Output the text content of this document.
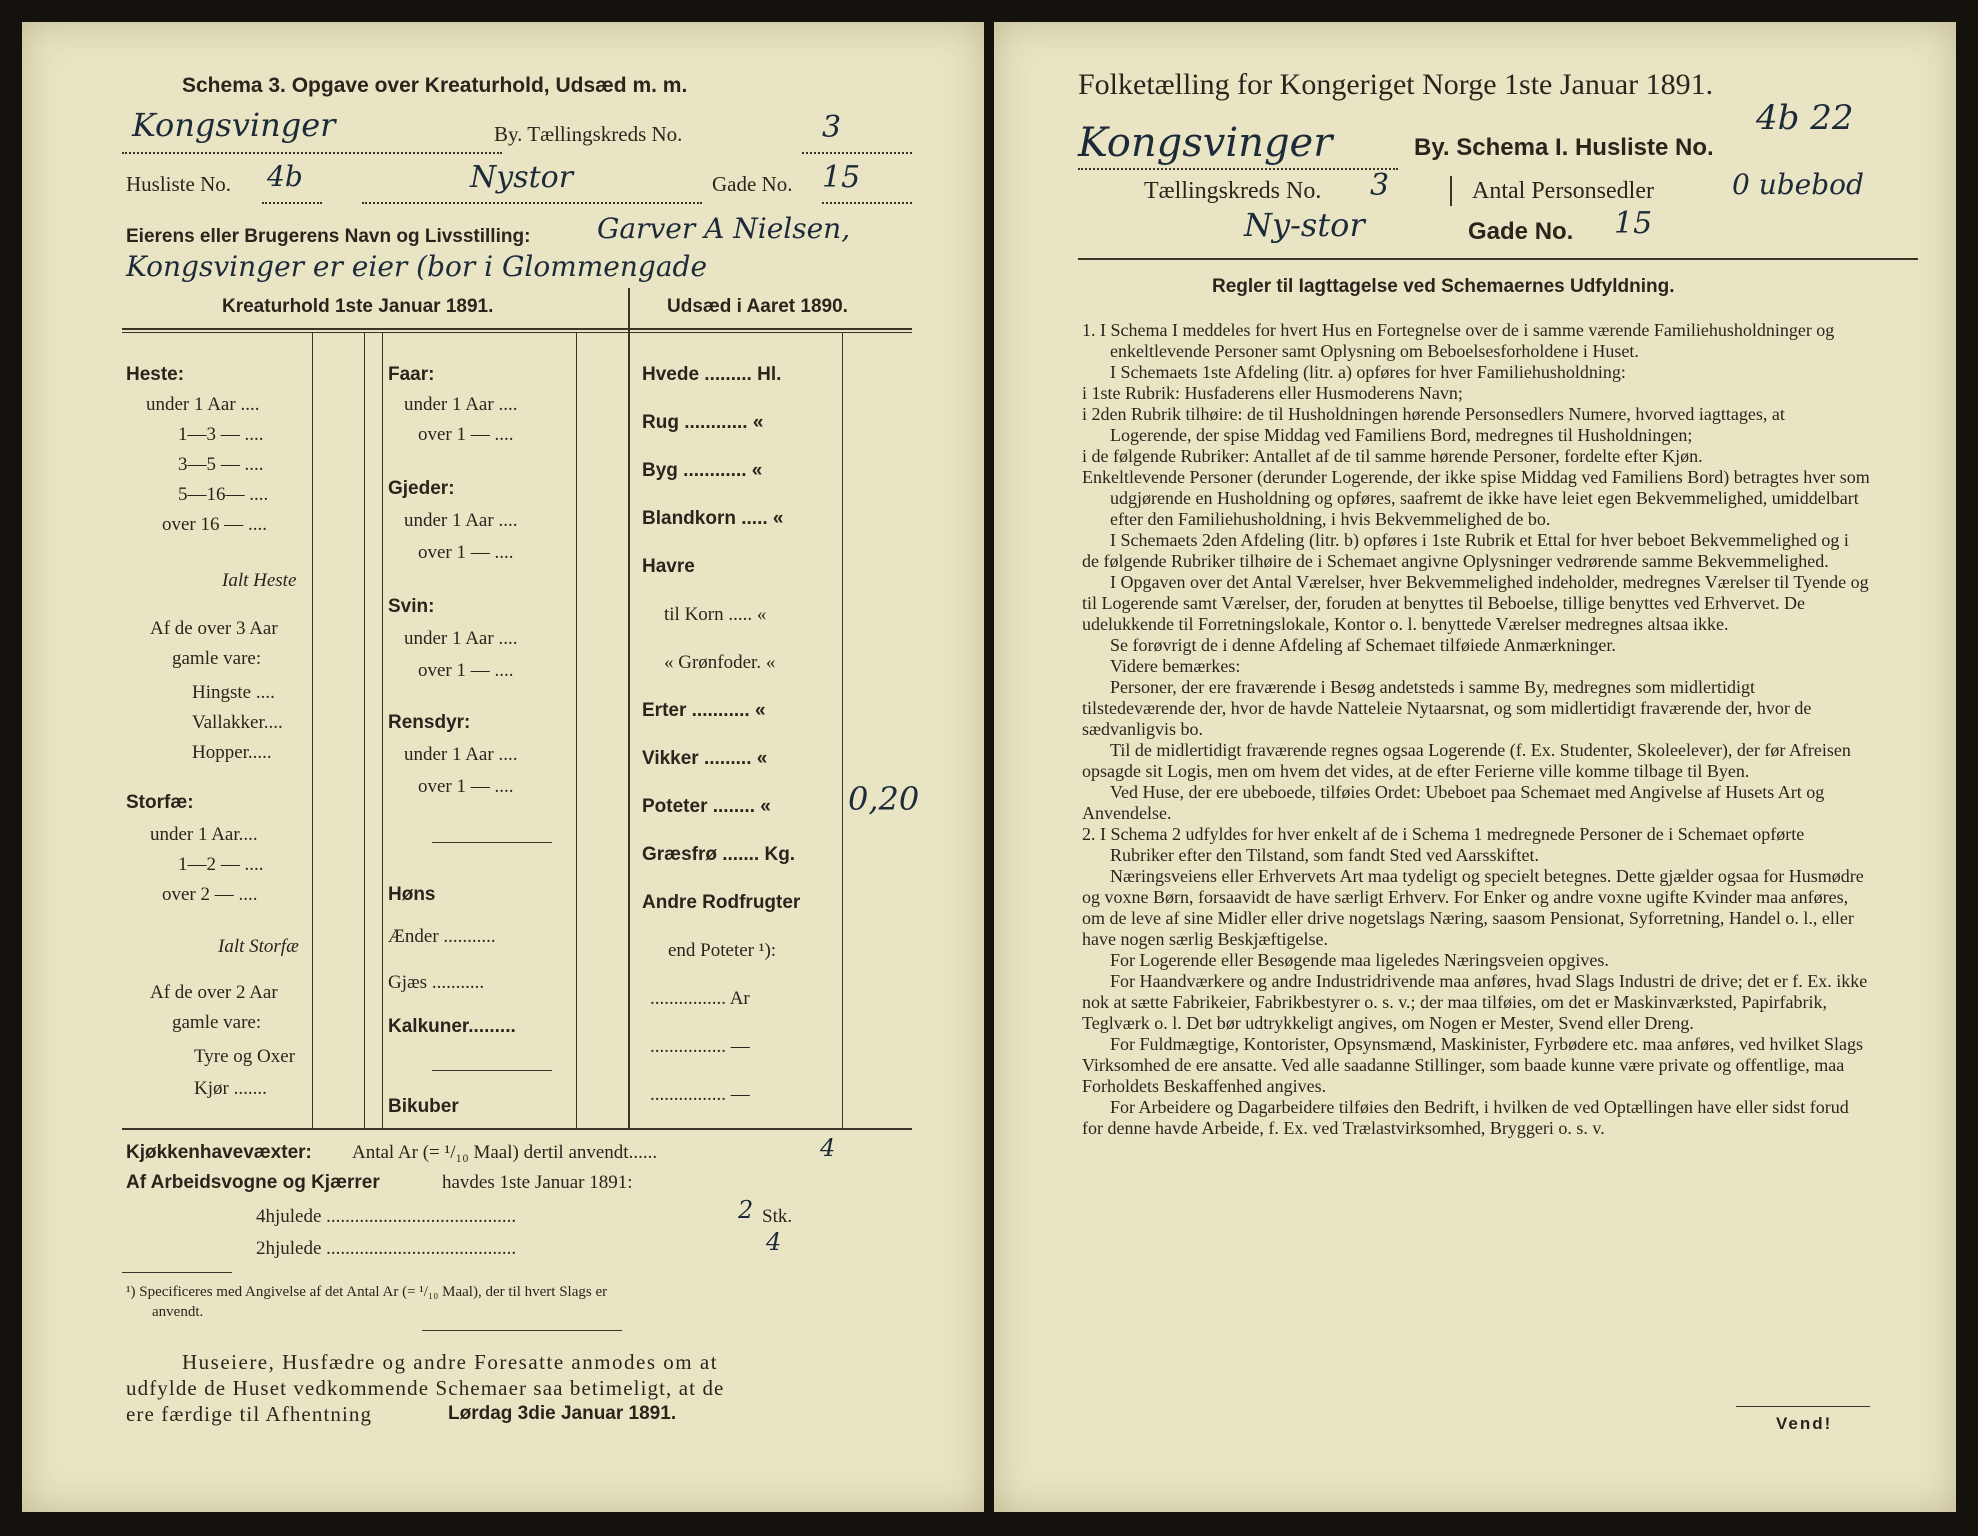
Schema 3. Opgave over Kreaturhold, Udsæd m. m.
Kongsvinger	By. Tællingskreds No.	3
Husliste No. 4b	Nystor	Gade No. 15
Eierens eller Brugerens Navn og Livsstilling: Garver A Nielsen,
Kongsvinger er eier (bor i Glommengade
Kreaturhold 1ste Januar 1891.	Udsæd i Aaret 1890.
Heste:
under 1 Aar ....
1—3 — ....
3—5 — ....
5—16— ....
over 16 — ....
Ialt Heste
Af de over 3 Aar
gamle vare:
Hingste ....
Vallakker....
Hopper.....
Storfæ:
under 1 Aar....
1—2 — ....
over 2 — ....
Ialt Storfæ
Af de over 2 Aar
gamle vare:
Tyre og Oxer
Kjør .......
Faar:
under 1 Aar ....
over 1 — ....
Gjeder:
under 1 Aar ....
over 1 — ....
Svin:
under 1 Aar ....
over 1 — ....
Rensdyr:
under 1 Aar ....
over 1 — ....
Høns
Ænder ...........
Gjæs ...........
Kalkuner.........
Bikuber
Hvede ......... Hl.
Rug ............ «
Byg ............ «
Blandkorn ..... «
Havre
til Korn ..... «
« Grønfoder. «
Erter ........... «
Vikker ......... «
Poteter ........ « 0,20
Græsfrø ....... Kg.
Andre Rodfrugter
end Poteter ¹):
................ Ar
................ —
................ —
Kjøkkenhavevæxter: Antal Ar (= ¹/₁₀ Maal) dertil anvendt......	4
Af Arbeidsvogne og Kjærrer	havdes 1ste Januar 1891:
4hjulede ........................................	2 Stk.
2hjulede ........................................	4
¹) Specificeres med Angivelse af det Antal Ar (= ¹/₁₀ Maal), der til hvert Slags er
anvendt.
Huseiere, Husfædre og andre Foresatte anmodes om at
udfylde de Huset vedkommende Schemaer saa betimeligt, at de
ere færdige til Afhentning	Lørdag 3die Januar 1891.
Folketælling for Kongeriget Norge 1ste Januar 1891.
4b 22
Kongsvinger	By. Schema I. Husliste No.
Tællingskreds No. 3	Antal Personsedler	0 ubebod
Ny-stor	Gade No. 15
Regler til Iagttagelse ved Schemaernes Udfyldning.

1. I Schema I meddeles for hvert Hus en Fortegnelse over de i samme værende Familiehusholdninger og enkeltlevende Personer samt Oplysning om Beboelsesforholdene i Huset.

I Schemaets 1ste Afdeling (litr. a) opføres for hver Familiehusholdning:

i 1ste Rubrik: Husfaderens eller Husmoderens Navn;

i 2den Rubrik tilhøire: de til Husholdningen hørende Personsedlers Numere, hvorved iagttages, at Logerende, der spise Middag ved Familiens Bord, medregnes til Husholdningen;

i de følgende Rubriker: Antallet af de til samme hørende Personer, fordelte efter Kjøn.

Enkeltlevende Personer (derunder Logerende, der ikke spise Middag ved Familiens Bord) betragtes hver som udgjørende en Husholdning og opføres, saafremt de ikke have leiet egen Bekvemmelighed, umiddelbart efter den Familiehusholdning, i hvis Bekvemmelighed de bo.

I Schemaets 2den Afdeling (litr. b) opføres i 1ste Rubrik et Ettal for hver beboet Bekvemmelighed og i de følgende Rubriker tilhøire de i Schemaet angivne Oplysninger vedrørende samme Bekvemmelighed.

I Opgaven over det Antal Værelser, hver Bekvemmelighed indeholder, medregnes Værelser til Tyende og til Logerende samt Værelser, der, foruden at benyttes til Beboelse, tillige benyttes ved Erhvervet. De udelukkende til Forretningslokale, Kontor o. l. benyttede Værelser medregnes altsaa ikke.

Se forøvrigt de i denne Afdeling af Schemaet tilføiede Anmærkninger.

Videre bemærkes:

Personer, der ere fraværende i Besøg andetsteds i samme By, medregnes som midlertidigt tilstedeværende der, hvor de havde Natteleie Nytaarsnat, og som midlertidigt fraværende der, hvor de sædvanligvis bo.

Til de midlertidigt fraværende regnes ogsaa Logerende (f. Ex. Studenter, Skoleelever), der før Afreisen opsagde sit Logis, men om hvem det vides, at de efter Ferierne ville komme tilbage til Byen.

Ved Huse, der ere ubeboede, tilføies Ordet: Ubeboet paa Schemaet med Angivelse af Husets Art og Anvendelse.

2. I Schema 2 udfyldes for hver enkelt af de i Schema 1 medregnede Personer de i Schemaet opførte Rubriker efter den Tilstand, som fandt Sted ved Aarsskiftet.

Næringsveiens eller Erhvervets Art maa tydeligt og specielt betegnes. Dette gjælder ogsaa for Husmødre og voxne Børn, forsaavidt de have særligt Erhverv. For Enker og andre voxne ugifte Kvinder maa anføres, om de leve af sine Midler eller drive nogetslags Næring, saasom Pensionat, Syforretning, Handel o. l., eller have nogen særlig Beskjæftigelse.

For Logerende eller Besøgende maa ligeledes Næringsveien opgives.

For Haandværkere og andre Industridrivende maa anføres, hvad Slags Industri de drive; det er f. Ex. ikke nok at sætte Fabrikeier, Fabrikbestyrer o. s. v.; der maa tilføies, om det er Maskinværksted, Papirfabrik, Teglværk o. l. Det bør udtrykkeligt angives, om Nogen er Mester, Svend eller Dreng.

For Fuldmægtige, Kontorister, Opsynsmænd, Maskinister, Fyrbødere etc. maa anføres, ved hvilket Slags Virksomhed de ere ansatte. Ved alle saadanne Stillinger, som baade kunne være private og offentlige, maa Forholdets Beskaffenhed angives.

For Arbeidere og Dagarbeidere tilføies den Bedrift, i hvilken de ved Optællingen have eller sidst forud for denne havde Arbeide, f. Ex. ved Trælastvirksomhed, Bryggeri o. s. v.

Vend!
